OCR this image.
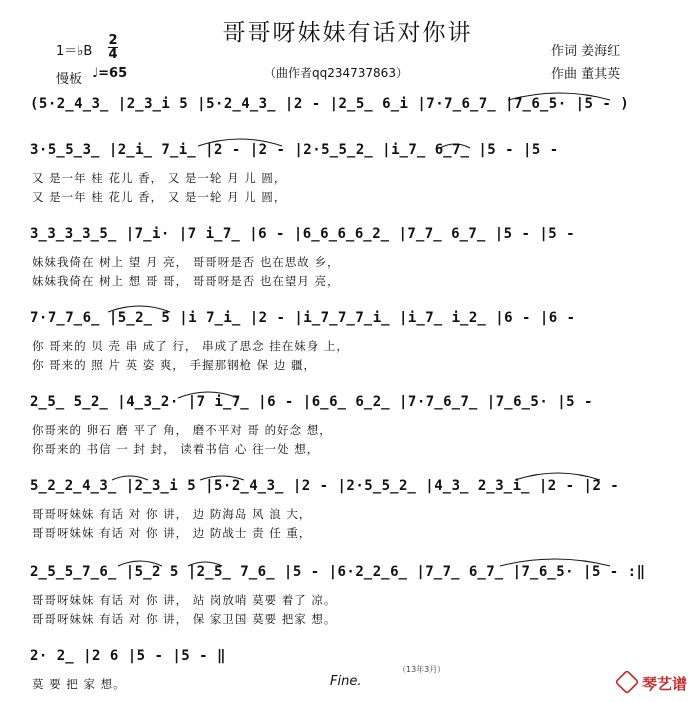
哥哥呀妹妹有话对你讲
1＝♭B
2
4
慢板 ♩=65	（曲作者qq234737863）
作词 姜海红
作曲 董其英
(5·2̲4̲3̲ |2̲3̲i 5 |5·2̲4̲3̲ |2 - |2̲5̲ 6̲i |7·7̲6̲7̲ |7̲6̲5· |5 - )
3·5̲5̲3̲ |2̲i̲ 7̲i̲ |2 - |2 - |2·5̲5̲2̲ |i̲7̲ 6̲7̲ |5 - |5 -
又 是一年 桂 花儿 香， 又 是一轮 月 儿 圆，
又 是一年 桂 花儿 香， 又 是一轮 月 儿 圆，
3̲3̲3̲3̲5̲ |7̲i· |7 i̲7̲ |6 - |6̲6̲6̲6̲2̲ |7̲7̲ 6̲7̲ |5 - |5 -
妹妹我倚在 树上 望 月 亮， 哥哥呀是否 也在思故 乡，
妹妹我倚在 树上 想 哥 哥， 哥哥呀是否 也在望月 亮，
7·7̲7̲6̲ |5̲2̲ 5 |i 7̲i̲ |2 - |i̲7̲7̲7̲i̲ |i̲7̲ i̲2̲ |6 - |6 -
你 哥来的 贝 壳 串 成了 行， 串成了思念 挂在妹身 上，
你 哥来的 照 片 英 姿 爽， 手握那钢枪 保 边 疆，
2̲5̲ 5̲2̲ |4̲3̲2· |7 i̲7̲ |6 - |6̲6̲ 6̲2̲ |7·7̲6̲7̲ |7̲6̲5· |5 -
你哥来的 卵石 磨 平了 角， 磨不平对 哥 的好念 想，
你哥来的 书信 一 封 封， 读着书信 心 往一处 想，
5̲2̲2̲4̲3̲ |2̲3̲i 5 |5·2̲4̲3̲ |2 - |2·5̲5̲2̲ |4̲3̲ 2̲3̲i̲ |2 - |2 -
哥哥呀妹妹 有话 对 你 讲， 边 防海岛 风 浪 大，
哥哥呀妹妹 有话 对 你 讲， 边 防战士 责 任 重，
2̲5̲5̲7̲6̲ |5̲2 5 |2̲5̲ 7̲6̲ |5 - |6·2̲2̲6̲ |7̲7̲ 6̲7̲ |7̲6̲5· |5 - :‖
哥哥呀妹妹 有话 对 你 讲， 站 岗放哨 莫要 着了 凉。
哥哥呀妹妹 有话 对 你 讲， 保 家卫国 莫要 把家 想。
2· 2̲ |2 6 |5 - |5 - ‖
莫 要 把 家 想。	Fine.
（13年3月）
琴艺谱
